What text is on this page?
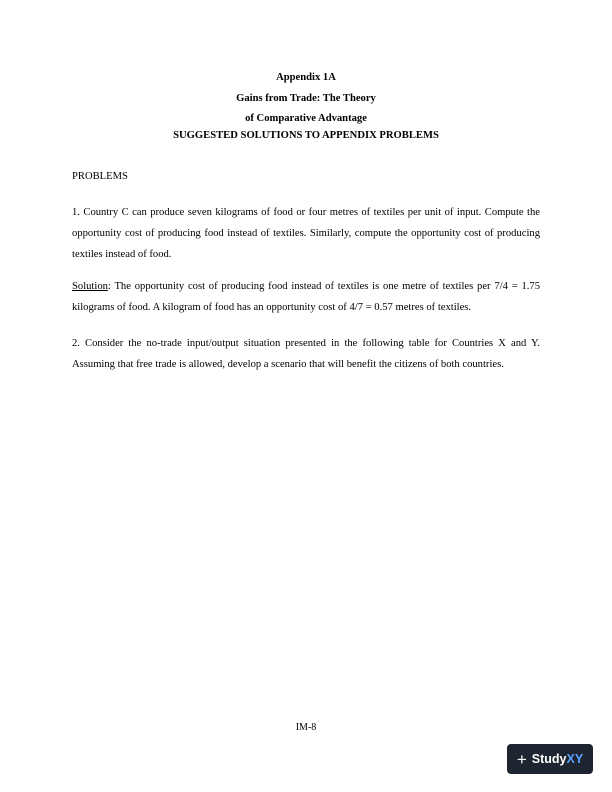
Appendix 1A
Gains from Trade: The Theory
of Comparative Advantage
SUGGESTED SOLUTIONS TO APPENDIX PROBLEMS
PROBLEMS
1. Country C can produce seven kilograms of food or four metres of textiles per unit of input. Compute the opportunity cost of producing food instead of textiles. Similarly, compute the opportunity cost of producing textiles instead of food.
Solution: The opportunity cost of producing food instead of textiles is one metre of textiles per 7/4 = 1.75 kilograms of food. A kilogram of food has an opportunity cost of 4/7 = 0.57 metres of textiles.
2. Consider the no-trade input/output situation presented in the following table for Countries X and Y. Assuming that free trade is allowed, develop a scenario that will benefit the citizens of both countries.
IM-8
+ Study XY
